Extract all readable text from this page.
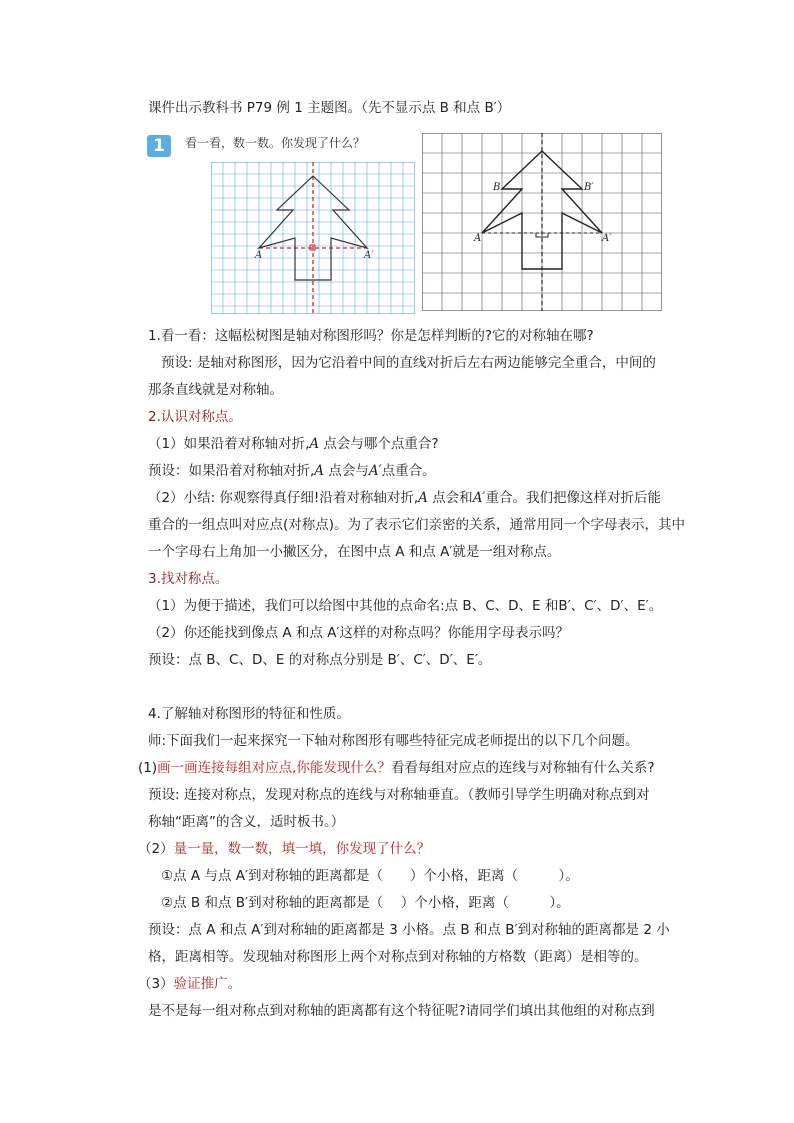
课件出示教科书 P79 例 1 主题图。（先不显示点 B 和点 B′）
1	看一看，数一数。你发现了什么？
A	A′
B	B′
A	A′
1.看一看：这幅松树图是轴对称图形吗？你是怎样判断的?它的对称轴在哪?
预设: 是轴对称图形，因为它沿着中间的直线对折后左右两边能够完全重合，中间的
那条直线就是对称轴。
2.认识对称点。
（1）如果沿着对称轴对折,A 点会与哪个点重合?
预设：如果沿着对称轴对折,A 点会与A′点重合。
（2）小结: 你观察得真仔细!沿着对称轴对折,A 点会和A′重合。我们把像这样对折后能
重合的一组点叫对应点(对称点)。为了表示它们亲密的关系，通常用同一个字母表示，其中
一个字母右上角加一小撇区分，在图中点 A 和点 A′就是一组对称点。
3.找对称点。
（1）为便于描述，我们可以给图中其他的点命名:点 B、C、D、E 和B′、C′、D′、E′。
（2）你还能找到像点 A 和点 A′这样的对称点吗？你能用字母表示吗？
预设：点 B、C、D、E 的对称点分别是 B′、C′、D′、E′。
4.了解轴对称图形的特征和性质。
师:下面我们一起来探究一下轴对称图形有哪些特征完成老师提出的以下几个问题。
(1)画一画连接每组对应点,你能发现什么？看看每组对应点的连线与对称轴有什么关系?
预设: 连接对称点，发现对称点的连线与对称轴垂直。（教师引导学生明确对称点到对
称轴“距离”的含义，适时板书。）
（2）量一量，数一数，填一填，你发现了什么？
①点 A 与点 A′到对称轴的距离都是（　　）个小格，距离（　　　）。
②点 B 和点 B′到对称轴的距离都是（　 ）个小格，距离（　　　）。
预设：点 A 和点 A′到对称轴的距离都是 3 小格。点 B 和点 B′到对称轴的距离都是 2 小
格，距离相等。发现轴对称图形上两个对称点到对称轴的方格数（距离）是相等的。
（3）验证推广。
是不是每一组对称点到对称轴的距离都有这个特征呢?请同学们填出其他组的对称点到
